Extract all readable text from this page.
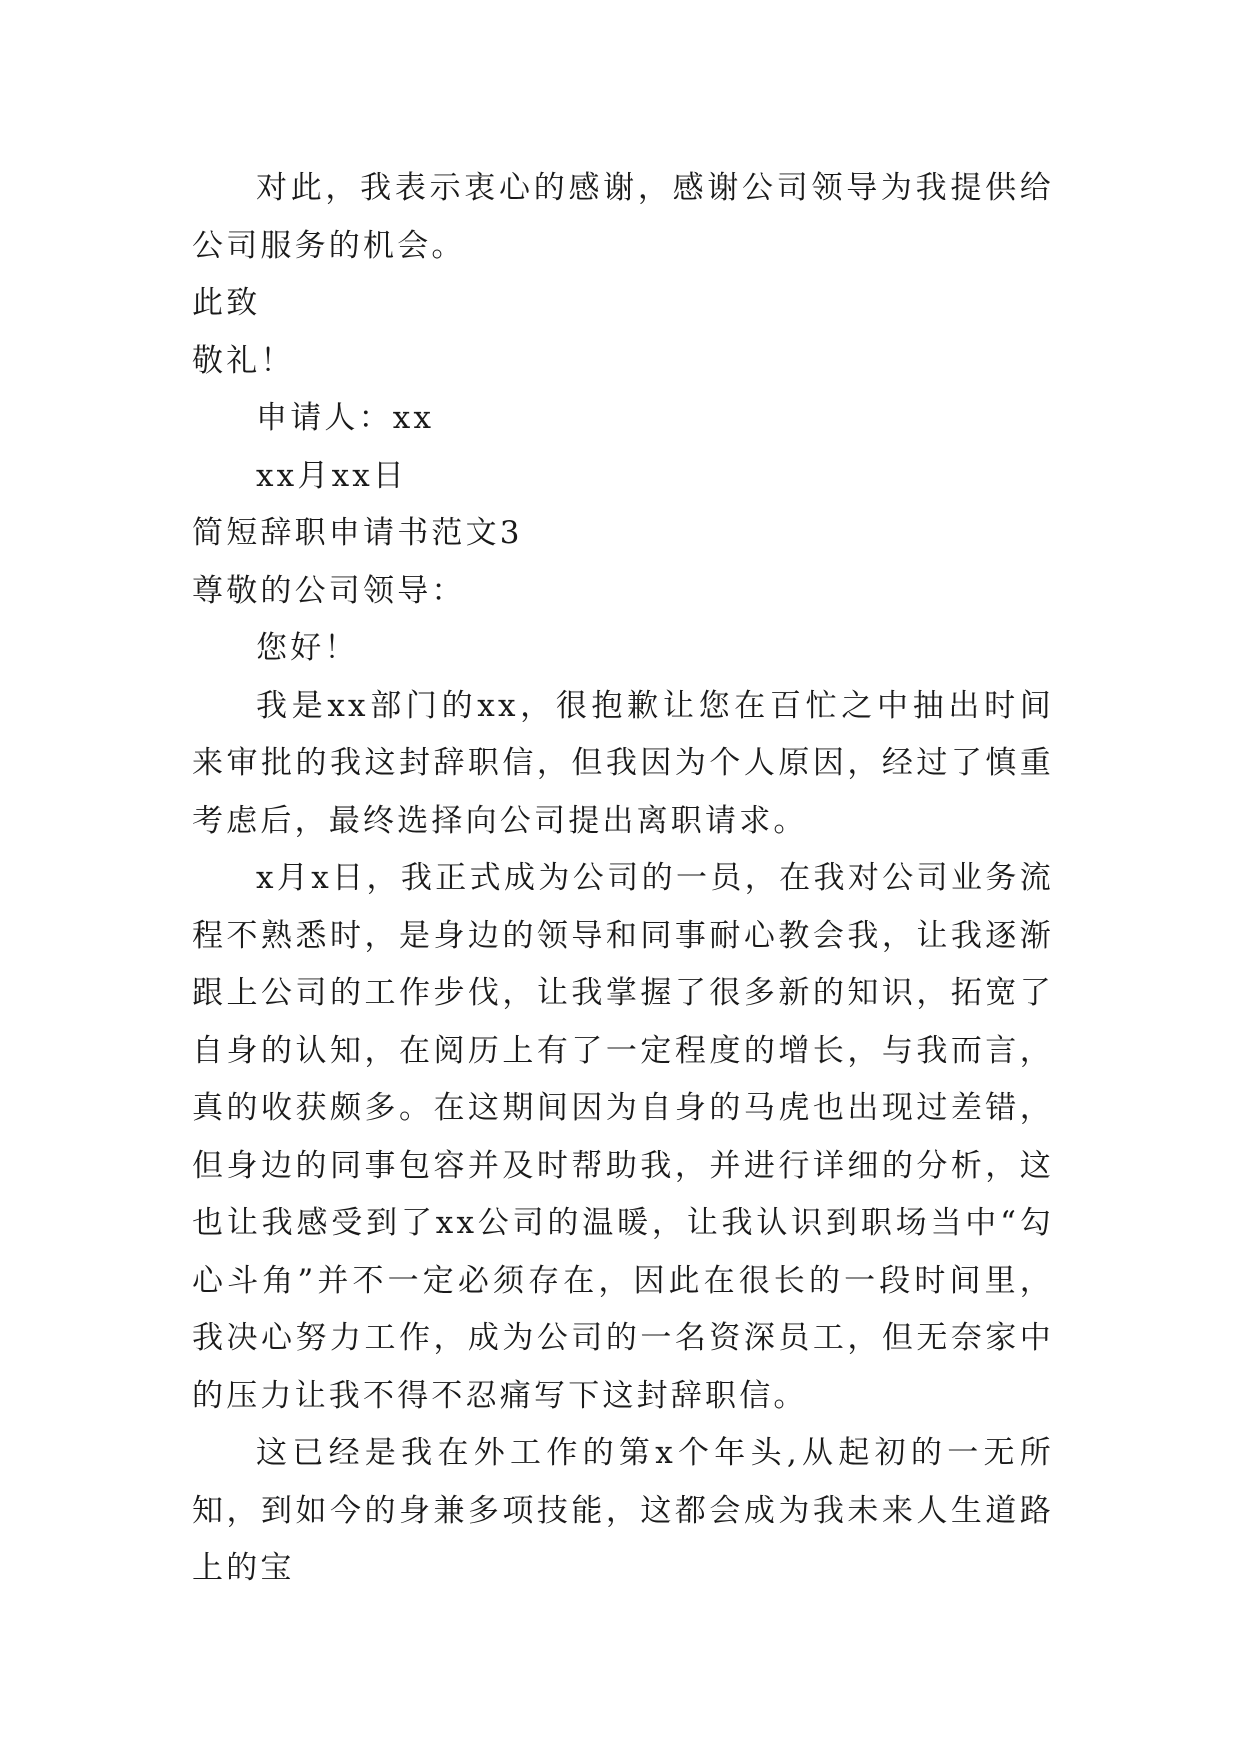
对此，我表示衷心的感谢，感谢公司领导为我提供给公司服务的机会。

此致
敬礼！
申请人：xx
xx月xx日
简短辞职申请书范文3
尊敬的公司领导：
您好！

我是xx部门的xx，很抱歉让您在百忙之中抽出时间来审批的我这封辞职信，但我因为个人原因，经过了慎重考虑后，最终选择向公司提出离职请求。

x月x日，我正式成为公司的一员，在我对公司业务流程不熟悉时，是身边的领导和同事耐心教会我，让我逐渐跟上公司的工作步伐，让我掌握了很多新的知识，拓宽了自身的认知，在阅历上有了一定程度的增长，与我而言，真的收获颇多。在这期间因为自身的马虎也出现过差错，但身边的同事包容并及时帮助我，并进行详细的分析，这也让我感受到了xx公司的温暖，让我认识到职场当中“勾心斗角”并不一定必须存在，因此在很长的一段时间里，我决心努力工作，成为公司的一名资深员工，但无奈家中的压力让我不得不忍痛写下这封辞职信。

这已经是我在外工作的第x个年头,从起初的一无所知，到如今的身兼多项技能，这都会成为我未来人生道路上的宝
